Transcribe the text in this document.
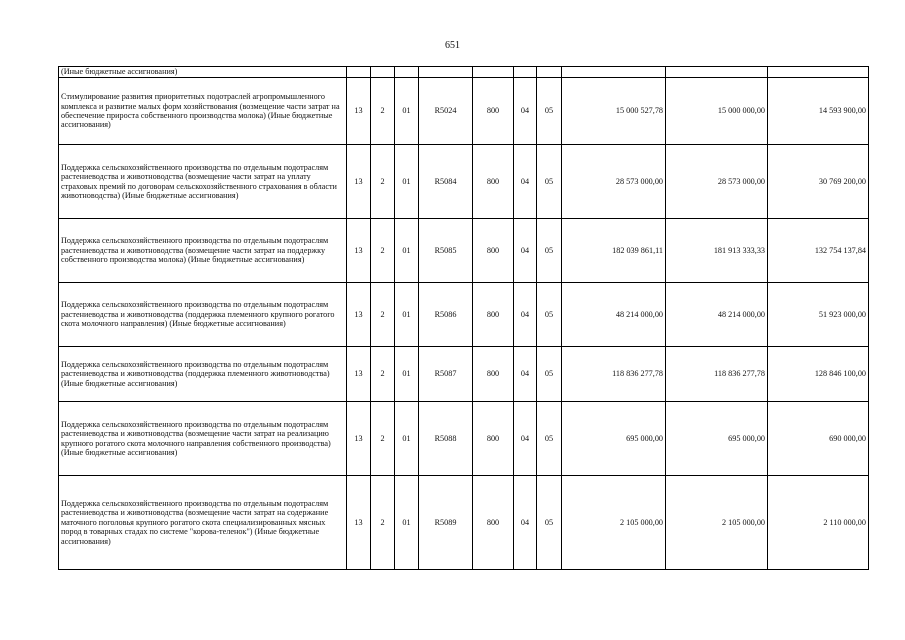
651
(Иные бюджетные ассигнования)										
Стимулирование развития приоритетных подотраслей агропромышленного комплекса и развитие малых форм хозяйствования (возмещение части затрат на обеспечение прироста собственного производства молока) (Иные бюджетные ассигнования)	13	2	01	R5024	800	04	05	15 000 527,78	15 000 000,00	14 593 900,00
Поддержка сельскохозяйственного производства по отдельным подотраслям растениеводства и животноводства (возмещение части затрат на уплату страховых премий по договорам сельскохозяйственного страхования в области животноводства) (Иные бюджетные ассигнования)	13	2	01	R5084	800	04	05	28 573 000,00	28 573 000,00	30 769 200,00
Поддержка сельскохозяйственного производства по отдельным подотраслям растениеводства и животноводства (возмещение части затрат на поддержку собственного производства молока) (Иные бюджетные ассигнования)	13	2	01	R5085	800	04	05	182 039 861,11	181 913 333,33	132 754 137,84
Поддержка сельскохозяйственного производства по отдельным подотраслям растениеводства и животноводства (поддержка племенного крупного рогатого скота молочного направления) (Иные бюджетные ассигнования)	13	2	01	R5086	800	04	05	48 214 000,00	48 214 000,00	51 923 000,00
Поддержка сельскохозяйственного производства по отдельным подотраслям растениеводства и животноводства (поддержка племенного животноводства) (Иные бюджетные ассигнования)	13	2	01	R5087	800	04	05	118 836 277,78	118 836 277,78	128 846 100,00
Поддержка сельскохозяйственного производства по отдельным подотраслям растениеводства и животноводства (возмещение части затрат на реализацию крупного рогатого скота молочного направления собственного производства) (Иные бюджетные ассигнования)	13	2	01	R5088	800	04	05	695 000,00	695 000,00	690 000,00
Поддержка сельскохозяйственного производства по отдельным подотраслям растениеводства и животноводства (возмещение части затрат на содержание маточного поголовья крупного рогатого скота специализированных мясных пород в товарных стадах по системе "корова-теленок") (Иные бюджетные ассигнования)	13	2	01	R5089	800	04	05	2 105 000,00	2 105 000,00	2 110 000,00
